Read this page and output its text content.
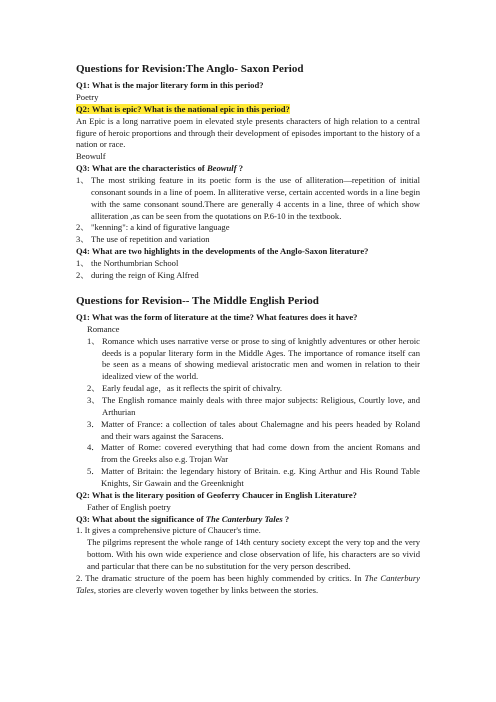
Questions for Revision:The Anglo- Saxon Period

Q1: What is the major literary form in this period?

Poetry

Q2: What is epic? What is the national epic in this period?

An Epic is a long narrative poem in elevated style presents characters of high relation to a central figure of heroic proportions and through their development of episodes important to the history of a nation or race.

Beowulf

Q3: What are the characteristics of Beowulf ?

1、 The most striking feature in its poetic form is the use of alliteration—repetition of initial consonant sounds in a line of poem. In alliterative verse, certain accented words in a line begin with the same consonant sound.There are generally 4 accents in a line, three of which show alliteration ,as can be seen from the quotations on P.6-10 in the textbook.
2、 "kenning": a kind of figurative language
3、 The use of repetition and variation

Q4: What are two highlights in the developments of the Anglo-Saxon literature?

1、 the Northumbrian School
2、 during the reign of King Alfred
Questions for Revision-- The Middle English Period

Q1: What was the form of literature at the time? What features does it have?

Romance

1、 Romance which uses narrative verse or prose to sing of knightly adventures or other heroic deeds is a popular literary form in the Middle Ages. The importance of romance itself can be seen as a means of showing medieval aristocratic men and women in relation to their idealized view of the world.
2、 Early feudal age，as it reflects the spirit of chivalry.
3、 The English romance mainly deals with three major subjects: Religious, Courtly love, and Arthurian
3． Matter of France: a collection of tales about Chalemagne and his peers headed by Roland and their wars against the Saracens.
4． Matter of Rome: covered everything that had come down from the ancient Romans and from the Greeks also e.g. Trojan War
5． Matter of Britain: the legendary history of Britain. e.g. King Arthur and His Round Table Knights, Sir Gawain and the Greenknight

Q2: What is the literary position of Geoferry Chaucer in English Literature?

Father of English poetry

Q3: What about the significance of The Canterbury Tales ?

1. It gives a comprehensive picture of Chaucer's time.

The pilgrims represent the whole range of 14th century society except the very top and the very bottom. With his own wide experience and close observation of life, his characters are so vivid and particular that there can be no substitution for the very person described.

2. The dramatic structure of the poem has been highly commended by critics. In The Canterbury Tales, stories are cleverly woven together by links between the stories.
